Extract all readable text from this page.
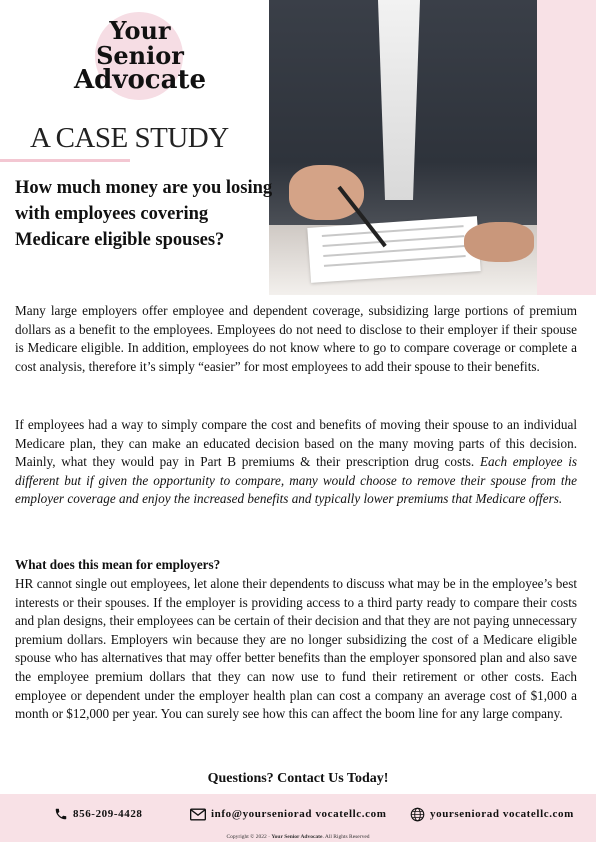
Your
Senior
Advocate
A CASE STUDY
How much money are you losing with employees covering Medicare eligible spouses?

Many large employers offer employee and dependent coverage, subsidizing large portions of premium dollars as a benefit to the employees. Employees do not need to disclose to their employer if their spouse is Medicare eligible. In addition, employees do not know where to go to compare coverage or complete a cost analysis, therefore it’s simply “easier” for most employees to add their spouse to their benefits.

If employees had a way to simply compare the cost and benefits of moving their spouse to an individual Medicare plan, they can make an educated decision based on the many moving parts of this decision. Mainly, what they would pay in Part B premiums & their prescription drug costs. Each employee is different but if given the opportunity to compare, many would choose to remove their spouse from the employer coverage and enjoy the increased benefits and typically lower premiums that Medicare offers.

What does this mean for employers?

HR cannot single out employees, let alone their dependents to discuss what may be in the employee’s best interests or their spouses. If the employer is providing access to a third party ready to compare their costs and plan designs, their employees can be certain of their decision and that they are not paying unnecessary premium dollars. Employers win because they are no longer subsidizing the cost of a Medicare eligible spouse who has alternatives that may offer better benefits than the employer sponsored plan and also save the employee premium dollars that they can now use to fund their retirement or other costs. Each employee or dependent under the employer health plan can cost a company an average cost of $1,000 a month or $12,000 per year. You can surely see how this can affect the boom line for any large company.

Questions? Contact Us Today!
856-209-4428	info@yourseniorad vocatellc.com	yourseniorad vocatellc.com
Copyright © 2022 · Your Senior Advocate. All Rights Reserved
